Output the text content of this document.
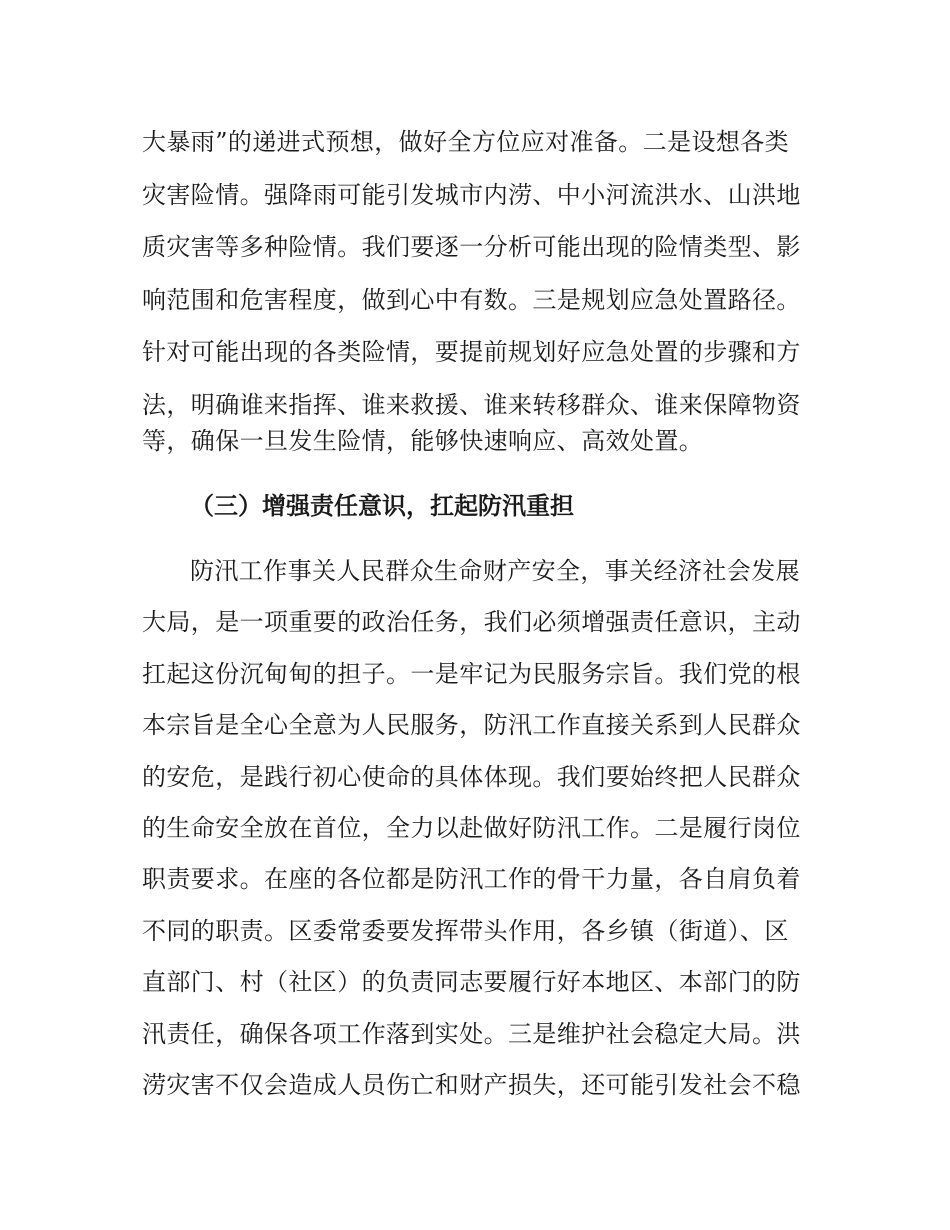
大暴雨”的递进式预想，做好全方位应对准备。二是设想各类
灾害险情。强降雨可能引发城市内涝、中小河流洪水、山洪地
质灾害等多种险情。我们要逐一分析可能出现的险情类型、影
响范围和危害程度，做到心中有数。三是规划应急处置路径。
针对可能出现的各类险情，要提前规划好应急处置的步骤和方
法，明确谁来指挥、谁来救援、谁来转移群众、谁来保障物资
等，确保一旦发生险情，能够快速响应、高效处置。
（三）增强责任意识，扛起防汛重担
防汛工作事关人民群众生命财产安全，事关经济社会发展
大局，是一项重要的政治任务，我们必须增强责任意识，主动
扛起这份沉甸甸的担子。一是牢记为民服务宗旨。我们党的根
本宗旨是全心全意为人民服务，防汛工作直接关系到人民群众
的安危，是践行初心使命的具体体现。我们要始终把人民群众
的生命安全放在首位，全力以赴做好防汛工作。二是履行岗位
职责要求。在座的各位都是防汛工作的骨干力量，各自肩负着
不同的职责。区委常委要发挥带头作用，各乡镇（街道）、区
直部门、村（社区）的负责同志要履行好本地区、本部门的防
汛责任，确保各项工作落到实处。三是维护社会稳定大局。洪
涝灾害不仅会造成人员伤亡和财产损失，还可能引发社会不稳
